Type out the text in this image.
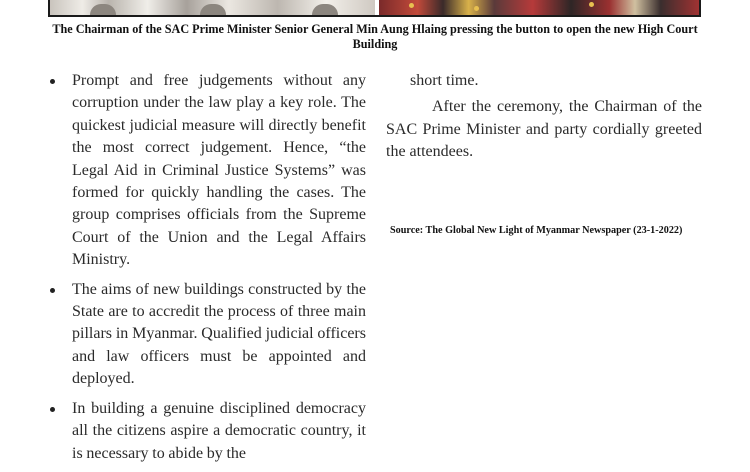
The Chairman of the SAC Prime Minister Senior General Min Aung Hlaing pressing the button to open the new High Court Building
Prompt and free judgements without any corruption under the law play a key role. The quickest judicial measure will directly benefit the most correct judgement. Hence, “the Legal Aid in Criminal Justice Systems” was formed for quickly handling the cases. The group comprises officials from the Supreme Court of the Union and the Legal Affairs Ministry.
The aims of new buildings constructed by the State are to accredit the process of three main pillars in Myanmar. Qualified judicial officers and law officers must be appointed and deployed.
In building a genuine disciplined democracy all the citizens aspire a democratic country, it is necessary to abide by the
short time.
After the ceremony, the Chairman of the SAC Prime Minister and party cordially greeted the attendees.
Source: The Global New Light of Myanmar Newspaper (23-1-2022)
